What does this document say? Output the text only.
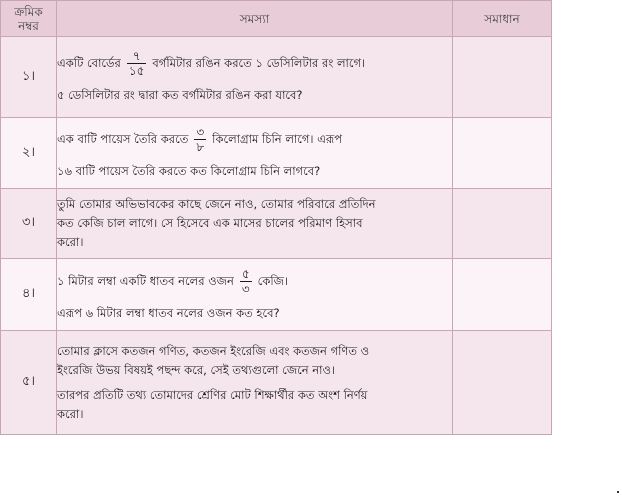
ক্রমিক
নম্বর	সমস্যা	সমাধান
১।	একটি বোর্ডের $\frac{৭}{১৫}$ বর্গমিটার রঙিন করতে ১ ডেসিলিটার রং লাগে।
৫ ডেসিলিটার রং দ্বারা কত বর্গমিটার রঙিন করা যাবে?	

২।	এক বাটি পায়েস তৈরি করতে $\frac{৩}{৮}$ কিলোগ্রাম চিনি লাগে। এরূপ
১৬ বাটি পায়েস তৈরি করতে কত কিলোগ্রাম চিনি লাগবে?	

৩।	তুমি তোমার অভিভাবকের কাছে জেনে নাও, তোমার পরিবারে প্রতিদিন
কত কেজি চাল লাগে। সে হিসেবে এক মাসের চালের পরিমাণ হিসাব
করো।	

৪।	১ মিটার লম্বা একটি ধাতব নলের ওজন $\frac{৫}{৩}$ কেজি।
এরূপ ৬ মিটার লম্বা ধাতব নলের ওজন কত হবে?	

৫।	তোমার ক্লাসে কতজন গণিত, কতজন ইংরেজি এবং কতজন গণিত ও
ইংরেজি উভয় বিষয়ই পছন্দ করে, সেই তথ্যগুলো জেনে নাও।
তারপর প্রতিটি তথ্য তোমাদের শ্রেণির মোট শিক্ষার্থীর কত অংশ নির্ণয়
করো।	
